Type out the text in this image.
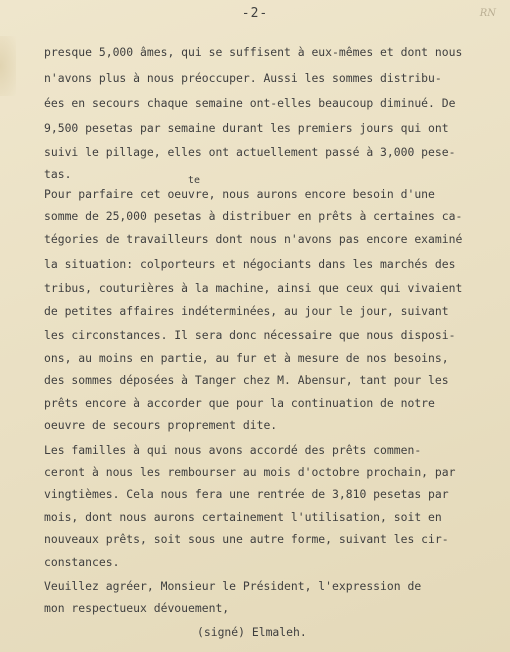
-2-	RN
presque 5,000 âmes, qui se suffisent à eux-mêmes et dont nous
n'avons plus à nous préoccuper. Aussi les sommes distribu-
ées en secours chaque semaine ont-elles beaucoup diminué. De
9,500 pesetas par semaine durant les premiers jours qui ont
suivi le pillage, elles ont actuellement passé à 3,000 pese-
tas.	te
Pour parfaire cet oeuvre, nous aurons encore besoin d'une
somme de 25,000 pesetas à distribuer en prêts à certaines ca-
tégories de travailleurs dont nous n'avons pas encore examiné
la situation: colporteurs et négociants dans les marchés des
tribus, couturières à la machine, ainsi que ceux qui vivaient
de petites affaires indéterminées, au jour le jour, suivant
les circonstances. Il sera donc nécessaire que nous disposi-
ons, au moins en partie, au fur et à mesure de nos besoins,
des sommes déposées à Tanger chez M. Abensur, tant pour les
prêts encore à accorder que pour la continuation de notre
oeuvre de secours proprement dite.
Les familles à qui nous avons accordé des prêts commen-
ceront à nous les rembourser au mois d'octobre prochain, par
vingtièmes. Cela nous fera une rentrée de 3,810 pesetas par
mois, dont nous aurons certainement l'utilisation, soit en
nouveaux prêts, soit sous une autre forme, suivant les cir-
constances.
Veuillez agréer, Monsieur le Président, l'expression de
mon respectueux dévouement,
(signé) Elmaleh.
